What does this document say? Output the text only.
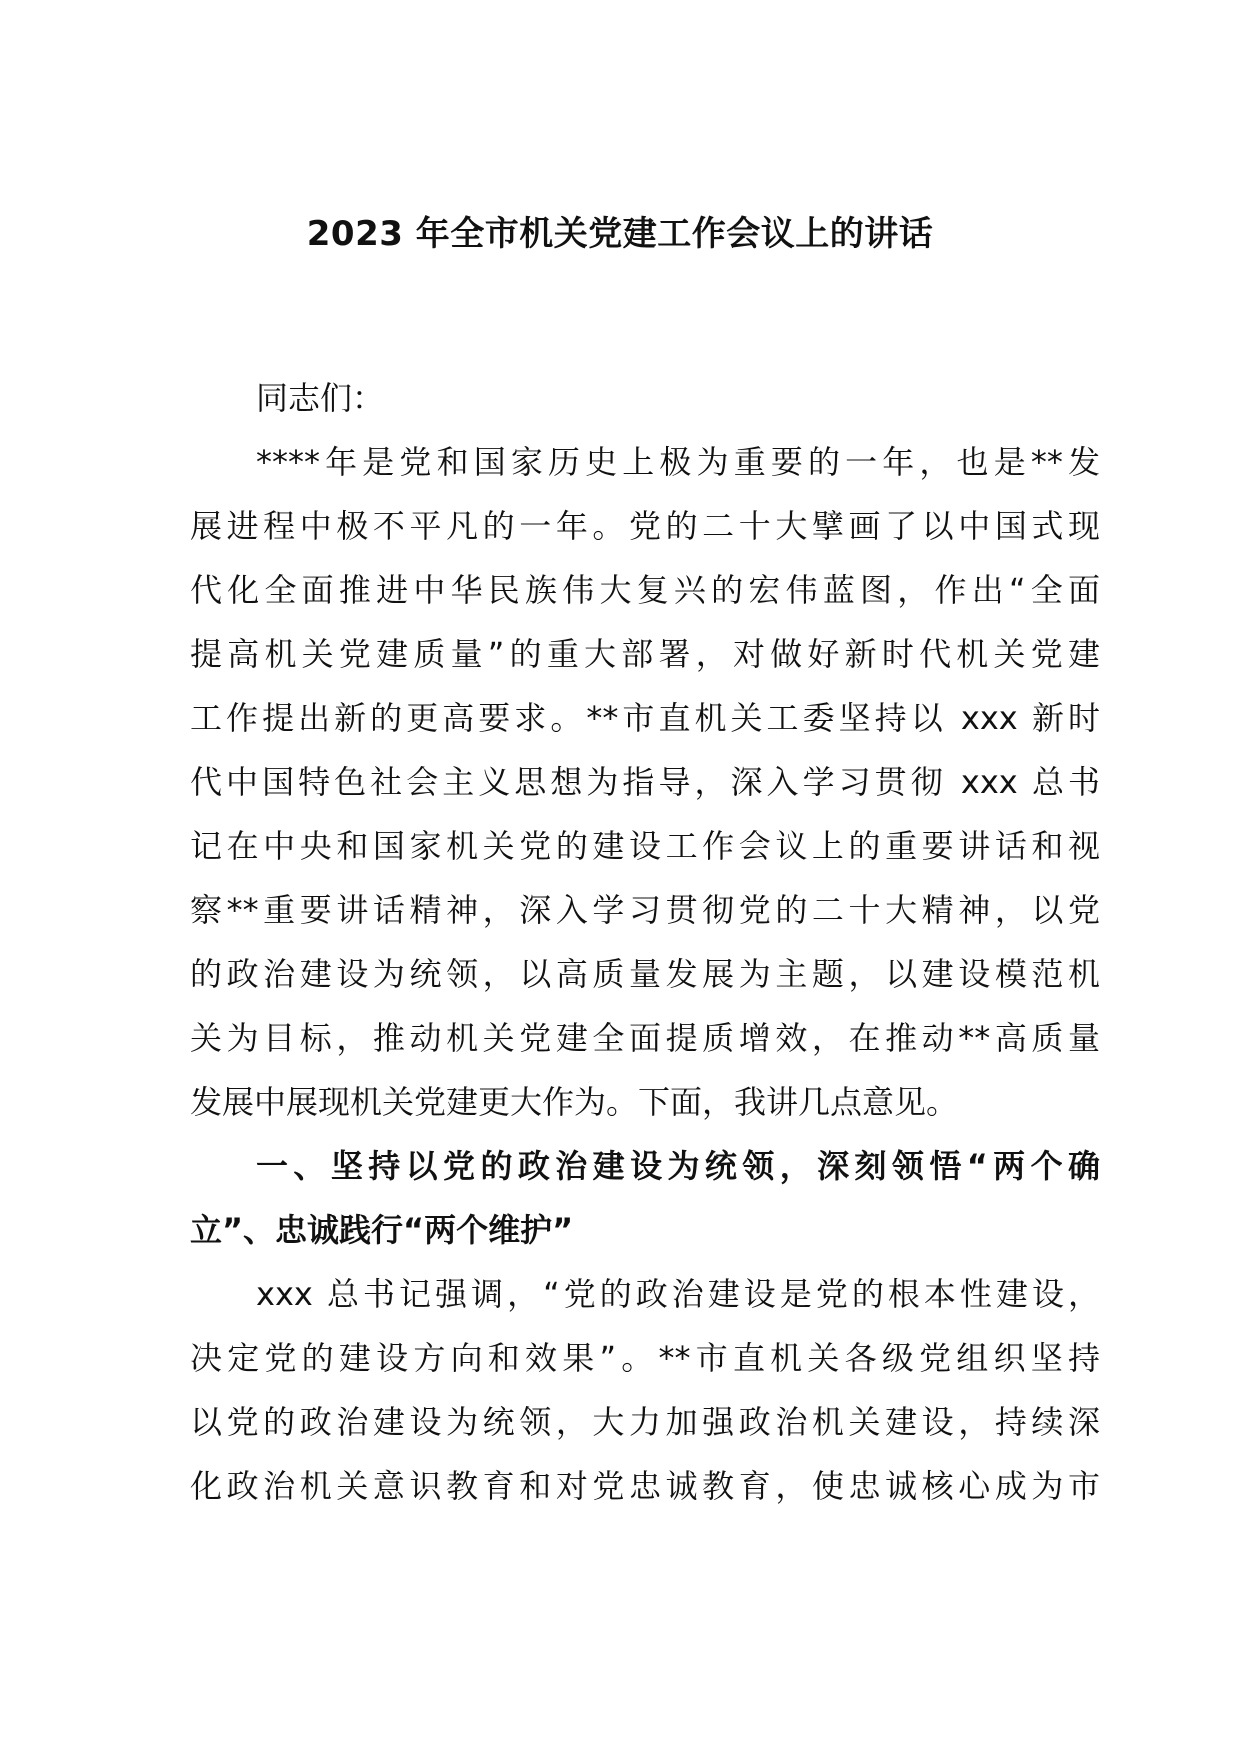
2023 年全市机关党建工作会议上的讲话
同志们：
****年是党和国家历史上极为重要的一年，也是**发
展进程中极不平凡的一年。党的二十大擘画了以中国式现
代化全面推进中华民族伟大复兴的宏伟蓝图，作出“全面
提高机关党建质量”的重大部署，对做好新时代机关党建
工作提出新的更高要求。**市直机关工委坚持以 xxx 新时
代中国特色社会主义思想为指导，深入学习贯彻 xxx 总书
记在中央和国家机关党的建设工作会议上的重要讲话和视
察**重要讲话精神，深入学习贯彻党的二十大精神，以党
的政治建设为统领，以高质量发展为主题，以建设模范机
关为目标，推动机关党建全面提质增效，在推动**高质量
发展中展现机关党建更大作为。下面，我讲几点意见。
一、坚持以党的政治建设为统领，深刻领悟“两个确
立”、忠诚践行“两个维护”
xxx 总书记强调，“党的政治建设是党的根本性建设，
决定党的建设方向和效果”。**市直机关各级党组织坚持
以党的政治建设为统领，大力加强政治机关建设，持续深
化政治机关意识教育和对党忠诚教育，使忠诚核心成为市
